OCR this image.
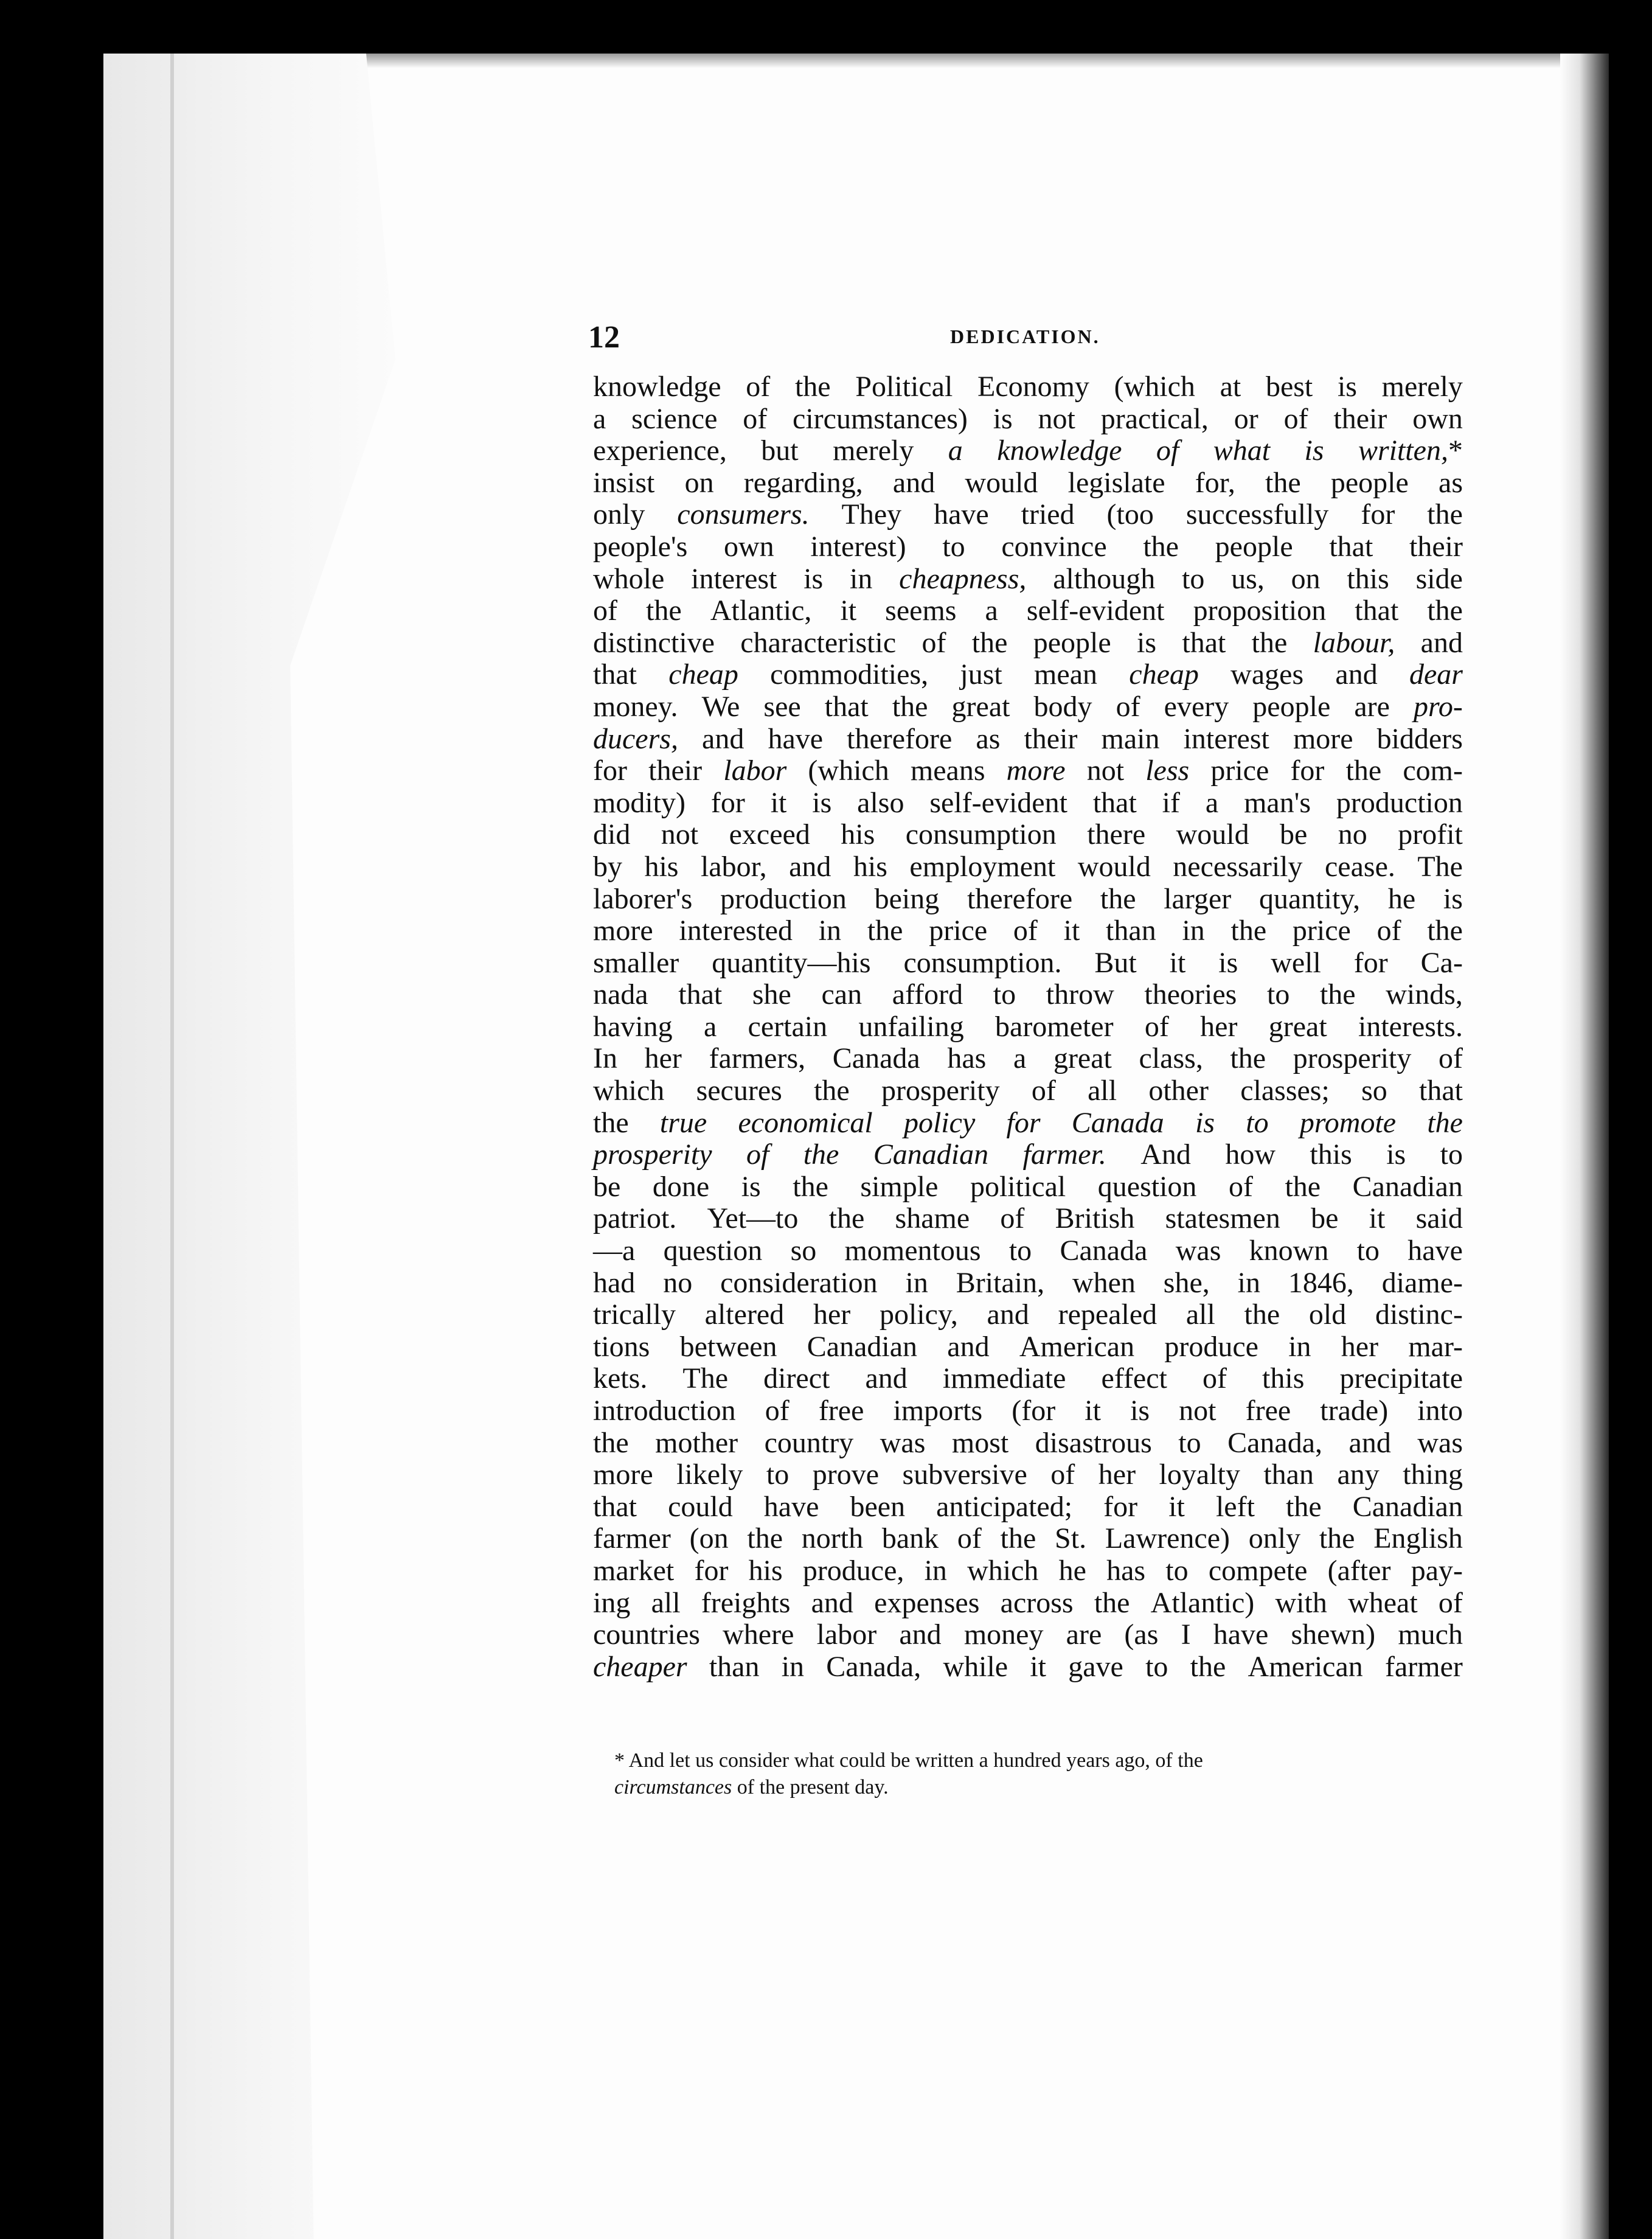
12	DEDICATION.
knowledge of the Political Economy (which at best is merely
a science of circumstances) is not practical, or of their own
experience, but merely a knowledge of what is written,*
insist on regarding, and would legislate for, the people as
only consumers. They have tried (too successfully for the
people's own interest) to convince the people that their
whole interest is in cheapness, although to us, on this side
of the Atlantic, it seems a self-evident proposition that the
distinctive characteristic of the people is that the labour, and
that cheap commodities, just mean cheap wages and dear
money. We see that the great body of every people are pro-
ducers, and have therefore as their main interest more bidders
for their labor (which means more not less price for the com-
modity) for it is also self-evident that if a man's production
did not exceed his consumption there would be no profit
by his labor, and his employment would necessarily cease. The
laborer's production being therefore the larger quantity, he is
more interested in the price of it than in the price of the
smaller quantity—his consumption. But it is well for Ca-
nada that she can afford to throw theories to the winds,
having a certain unfailing barometer of her great interests.
In her farmers, Canada has a great class, the prosperity of
which secures the prosperity of all other classes; so that
the true economical policy for Canada is to promote the
prosperity of the Canadian farmer. And how this is to
be done is the simple political question of the Canadian
patriot. Yet—to the shame of British statesmen be it said
—a question so momentous to Canada was known to have
had no consideration in Britain, when she, in 1846, diame-
trically altered her policy, and repealed all the old distinc-
tions between Canadian and American produce in her mar-
kets. The direct and immediate effect of this precipitate
introduction of free imports (for it is not free trade) into
the mother country was most disastrous to Canada, and was
more likely to prove subversive of her loyalty than any thing
that could have been anticipated; for it left the Canadian
farmer (on the north bank of the St. Lawrence) only the English
market for his produce, in which he has to compete (after pay-
ing all freights and expenses across the Atlantic) with wheat of
countries where labor and money are (as I have shewn) much
cheaper than in Canada, while it gave to the American farmer
* And let us consider what could be written a hundred years ago, of the
circumstances of the present day.
